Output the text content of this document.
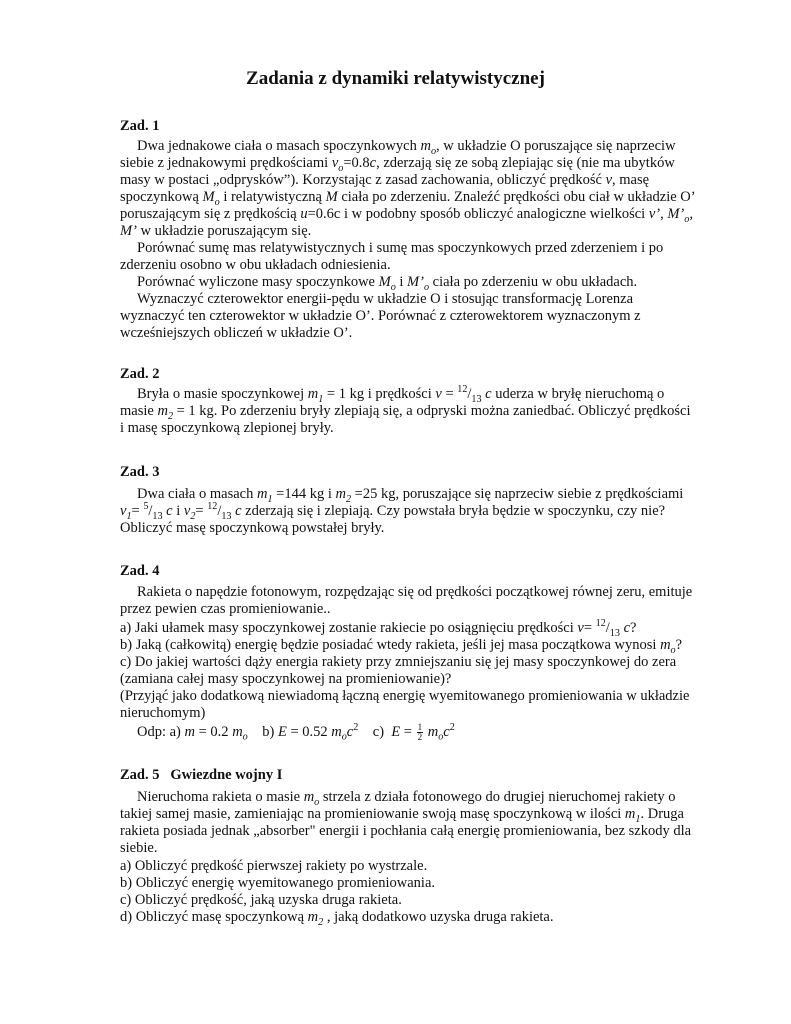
Zadania z dynamiki relatywistycznej
Zad. 1

Dwa jednakowe ciała o masach spoczynkowych $m_o$, w układzie O poruszające się naprzeciw siebie z jednakowymi prędkościami $v_o=0.8c$, zderzają się ze sobą zlepiając się (nie ma ubytków masy w postaci „odprysków”). Korzystając z zasad zachowania, obliczyć prędkość v, masę spoczynkową $M_o$ i relatywistyczną M ciała po zderzeniu. Znaleźć prędkości obu ciał w układzie O’ poruszającym się z prędkością u=0.6c i w podobny sposób obliczyć analogiczne wielkości v’, $M’_o$, M’ w układzie poruszającym się.

Porównać sumę mas relatywistycznych i sumę mas spoczynkowych przed zderzeniem i po zderzeniu osobno w obu układach odniesienia.

Porównać wyliczone masy spoczynkowe $M_o$ i $M’_o$ ciała po zderzeniu w obu układach.

Wyznaczyć czterowektor energii-pędu w układzie O i stosując transformację Lorenza wyznaczyć ten czterowektor w układzie O’. Porównać z czterowektorem wyznaczonym z wcześniejszych obliczeń w układzie O’.

Zad. 2

Bryła o masie spoczynkowej $m_1 = 1$ kg i prędkości $v = ^{12}/_{13}$ c uderza w bryłę nieruchomą o masie $m_2 = 1$ kg. Po zderzeniu bryły zlepiają się, a odpryski można zaniedbać. Obliczyć prędkości i masę spoczynkową zlepionej bryły.

Zad. 3

Dwa ciała o masach $m_1 =144$ kg i $m_2 =25$ kg, poruszające się naprzeciw siebie z prędkościami $v_1= ^5/_{13}$ c i $v_2= ^{12}/_{13}$ c zderzają się i zlepiają. Czy powstała bryła będzie w spoczynku, czy nie? Obliczyć masę spoczynkową powstałej bryły.

Zad. 4

Rakieta o napędzie fotonowym, rozpędzając się od prędkości początkowej równej zeru, emituje przez pewien czas promieniowanie..

a) Jaki ułamek masy spoczynkowej zostanie rakiecie po osiągnięciu prędkości $v= ^{12}/_{13}$ c?

b) Jaką (całkowitą) energię będzie posiadać wtedy rakieta, jeśli jej masa początkowa wynosi $m_o$?

c) Do jakiej wartości dąży energia rakiety przy zmniejszaniu się jej masy spoczynkowej do zera (zamiana całej masy spoczynkowej na promieniowanie)?

(Przyjąć jako dodatkową niewiadomą łączną energię wyemitowanego promieniowania w układzie nieruchomym)

Odp: a) m = 0.2 $m_o$    b) E = 0.52 $m_oc^2$    c)  $E = \frac{1}{2} m_oc^2$

Zad. 5   Gwiezdne wojny I

Nieruchoma rakieta o masie $m_o$ strzela z działa fotonowego do drugiej nieruchomej rakiety o takiej samej masie, zamieniając na promieniowanie swoją masę spoczynkową w ilości $m_1$. Druga rakieta posiada jednak „absorber" energii i pochłania całą energię promieniowania, bez szkody dla siebie.

a) Obliczyć prędkość pierwszej rakiety po wystrzale.

b) Obliczyć energię wyemitowanego promieniowania.

c) Obliczyć prędkość, jaką uzyska druga rakieta.

d) Obliczyć masę spoczynkową $m_2$ , jaką dodatkowo uzyska druga rakieta.
